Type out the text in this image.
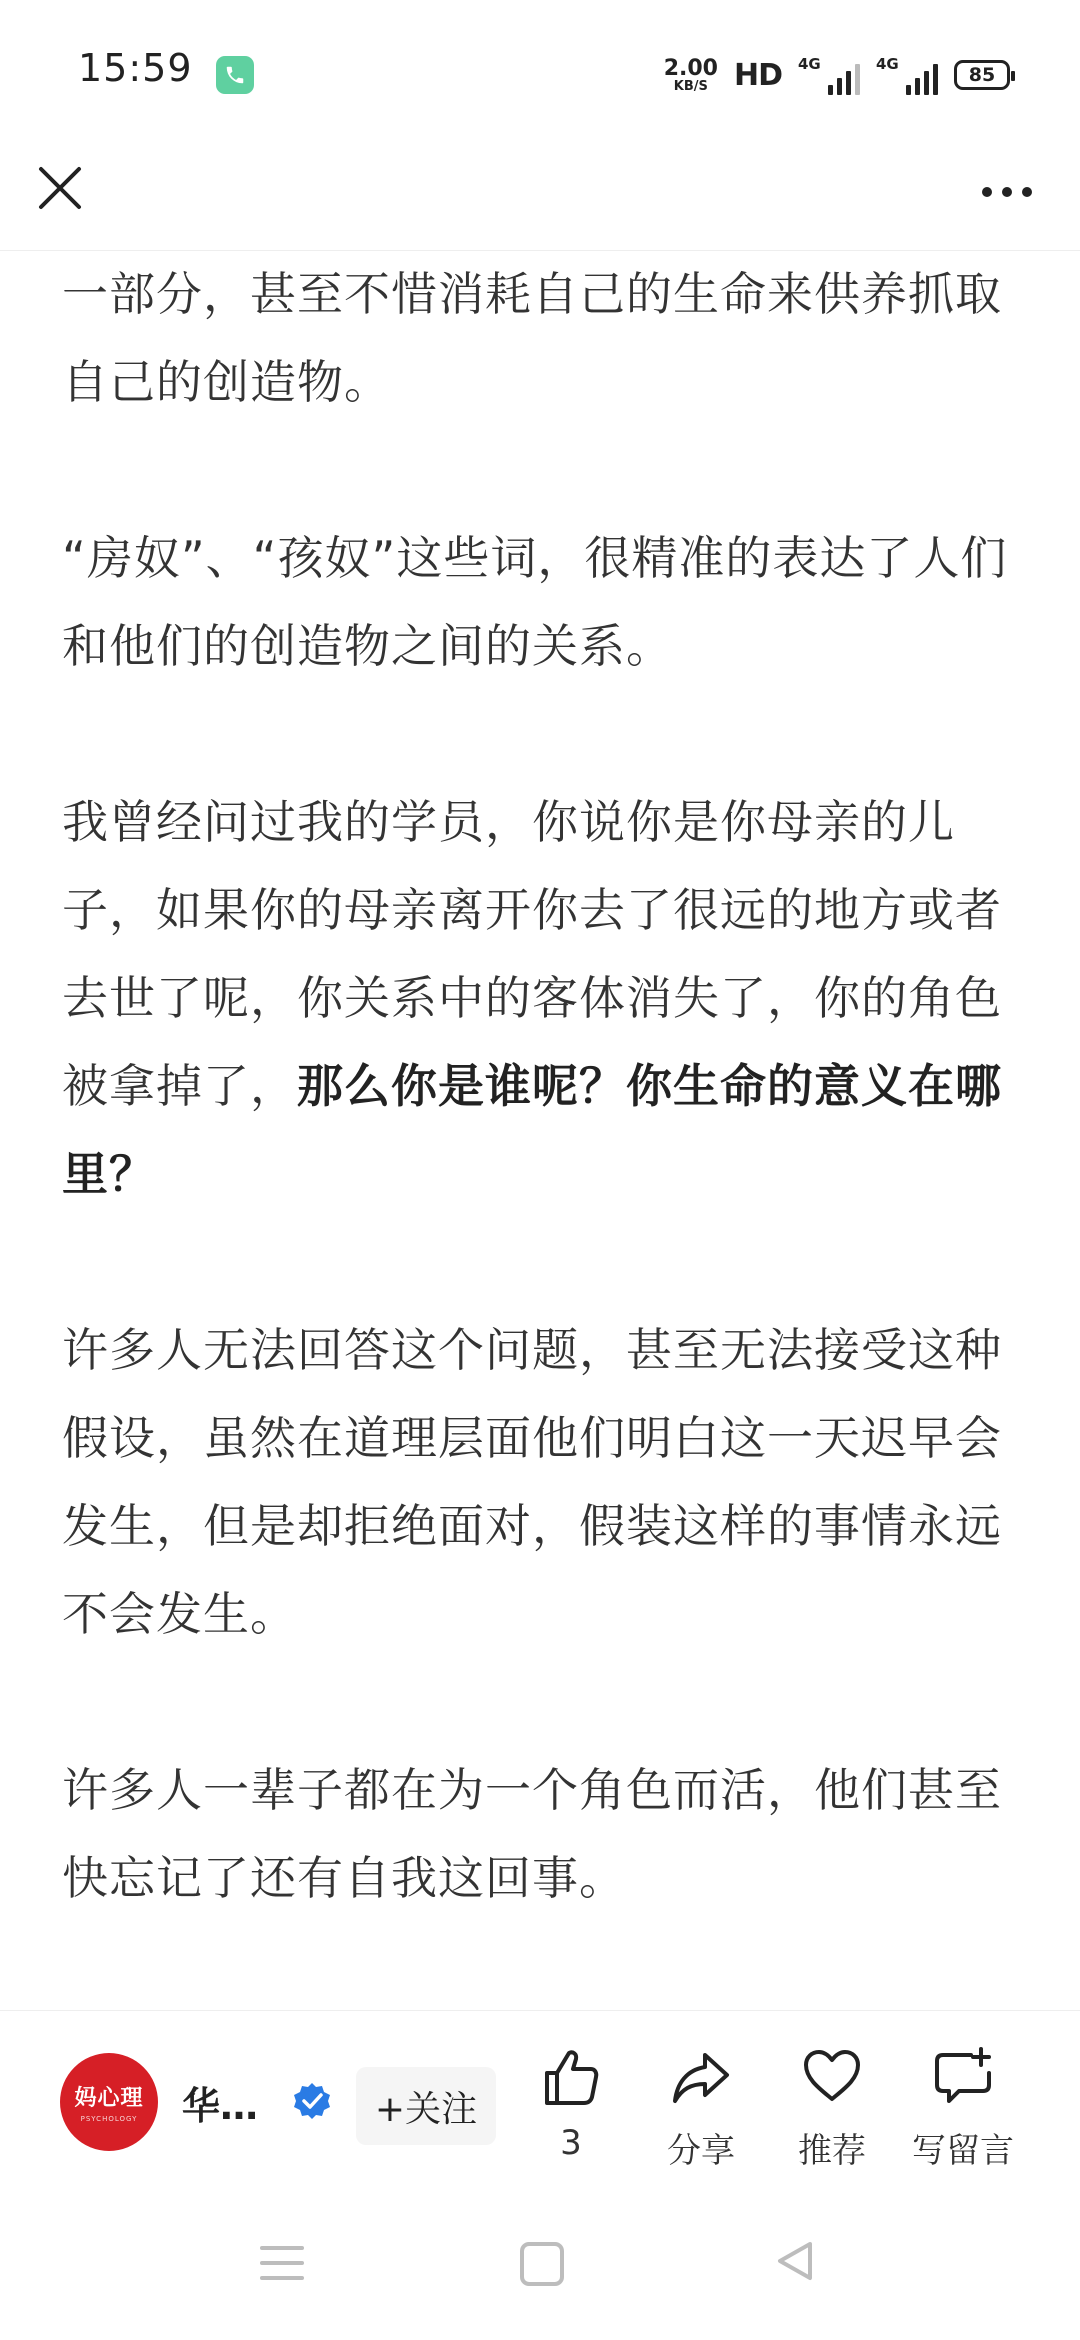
15:59	2.00
KB/S HD 4G	4G	85

一部分，甚至不惜消耗自己的生命来供养抓取自己的创造物。

“房奴”、“孩奴”这些词，很精准的表达了人们和他们的创造物之间的关系。

我曾经问过我的学员，你说你是你母亲的儿子，如果你的母亲离开你去了很远的地方或者去世了呢，你关系中的客体消失了，你的角色被拿掉了，那么你是谁呢？你生命的意义在哪里？

许多人无法回答这个问题，甚至无法接受这种假设，虽然在道理层面他们明白这一天迟早会发生，但是却拒绝面对，假装这样的事情永远不会发生。

许多人一辈子都在为一个角色而活，他们甚至快忘记了还有自我这回事。

妈心理
PSYCHOLOGY 华…	+关注
3	分享 推荐 写留言
